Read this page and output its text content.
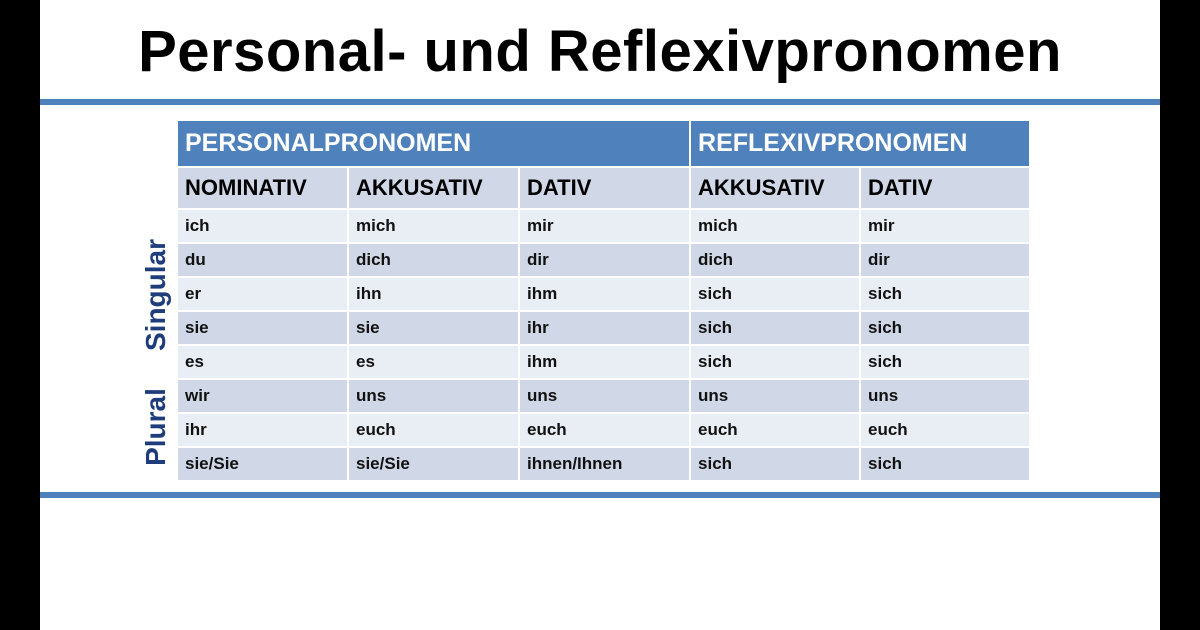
Personal- und Reflexivpronomen
Singular
Plural
PERSONALPRONOMEN			REFLEXIVPRONOMEN	
NOMINATIV	AKKUSATIV	DATIV	AKKUSATIV	DATIV
ich	mich	mir	mich	mir
du	dich	dir	dich	dir
er	ihn	ihm	sich	sich
sie	sie	ihr	sich	sich
es	es	ihm	sich	sich
wir	uns	uns	uns	uns
ihr	euch	euch	euch	euch
sie/Sie	sie/Sie	ihnen/Ihnen	sich	sich
